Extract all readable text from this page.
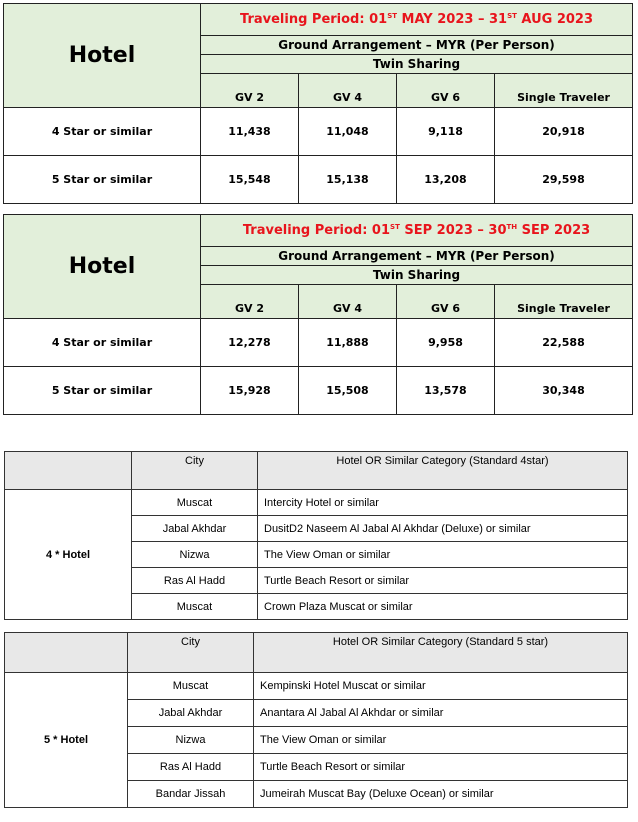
Hotel	Traveling Period: 01ST MAY 2023 – 31ST AUG 2023			
	Ground Arrangement – MYR (Per Person)			
	Twin Sharing			
	GV 2	GV 4	GV 6	Single Traveler
4 Star or similar	11,438	11,048	9,118	20,918
5 Star or similar	15,548	15,138	13,208	29,598
Hotel	Traveling Period: 01ST SEP 2023 – 30TH SEP 2023			
	Ground Arrangement – MYR (Per Person)			
	Twin Sharing			
	GV 2	GV 4	GV 6	Single Traveler
4 Star or similar	12,278	11,888	9,958	22,588
5 Star or similar	15,928	15,508	13,578	30,348
	City	Hotel OR Similar Category (Standard 4star)
4 * Hotel	Muscat	Intercity Hotel or similar
	Jabal Akhdar	DusitD2 Naseem Al Jabal Al Akhdar (Deluxe) or similar
	Nizwa	The View Oman or similar
	Ras Al Hadd	Turtle Beach Resort or similar
	Muscat	Crown Plaza Muscat or similar
	City	Hotel OR Similar Category (Standard 5 star)
5 * Hotel	Muscat	Kempinski Hotel Muscat or similar
	Jabal Akhdar	Anantara Al Jabal Al Akhdar or similar
	Nizwa	The View Oman or similar
	Ras Al Hadd	Turtle Beach Resort or similar
	Bandar Jissah	Jumeirah Muscat Bay (Deluxe Ocean) or similar
